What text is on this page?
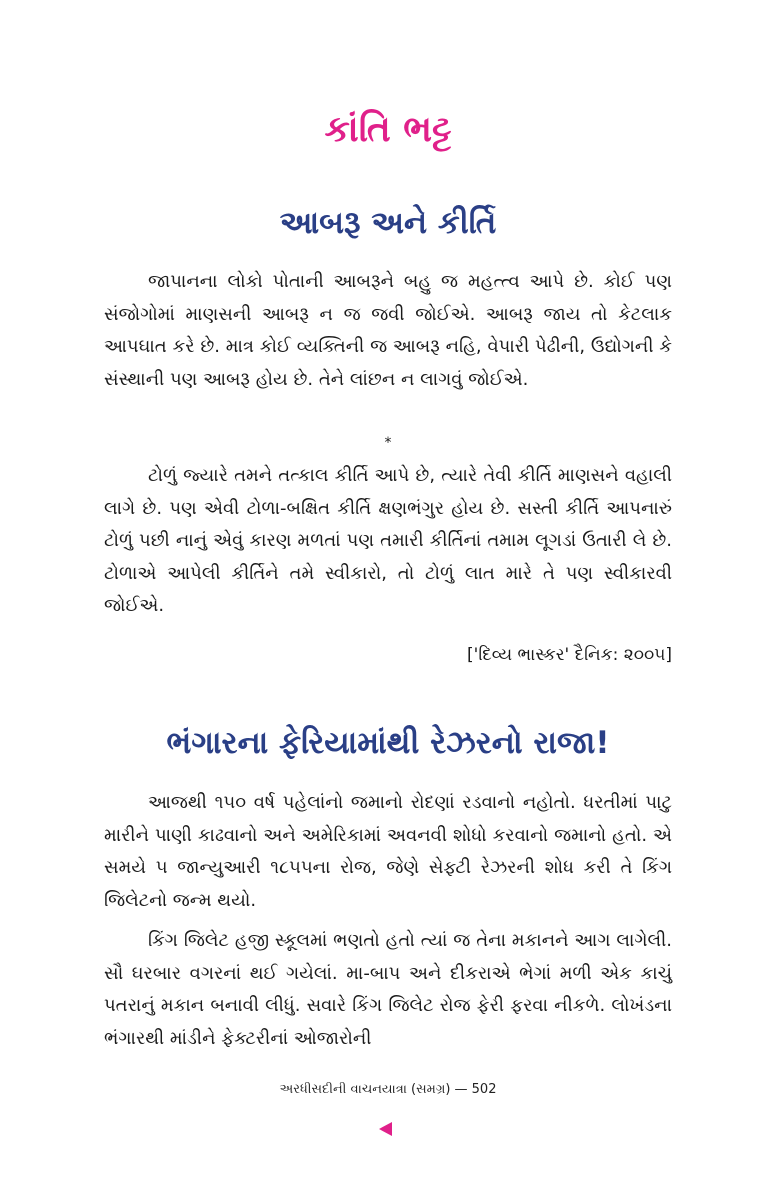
કાંતિ ભટ્ટ
આબરૂ અને કીર્તિ

જાપાનના લોકો પોતાની આબરૂને બહુ જ મહત્ત્વ આપે છે. કોઈ પણ સંજોગોમાં માણસની આબરૂ ન જ જવી જોઈએ. આબરૂ જાય તો કેટલાક આપઘાત કરે છે. માત્ર કોઈ વ્યક્તિની જ આબરૂ નહિ, વેપારી પેઢીની, ઉદ્યોગની કે સંસ્થાની પણ આબરૂ હોય છે. તેને લાંછન ન લાગવું જોઈએ.

*

ટોળું જ્યારે તમને તત્કાલ કીર્તિ આપે છે, ત્યારે તેવી કીર્તિ માણસને વહાલી લાગે છે. પણ એવી ટોળા-બક્ષિત કીર્તિ ક્ષણભંગુર હોય છે. સસ્તી કીર્તિ આપનારું ટોળું પછી નાનું એવું કારણ મળતાં પણ તમારી કીર્તિનાં તમામ લૂગડાં ઉતારી લે છે. ટોળાએ આપેલી કીર્તિને તમે સ્વીકારો, તો ટોળું લાત મારે તે પણ સ્વીકારવી જોઈએ.

['દિવ્ય ભાસ્કર' દૈનિક: ૨૦૦૫]
ભંગારના ફેરિયામાંથી રેઝરનો રાજા!

આજથી ૧૫૦ વર્ષ પહેલાંનો જમાનો રોદણાં રડવાનો નહોતો. ધરતીમાં પાટુ મારીને પાણી કાઢવાનો અને અમેરિકામાં અવનવી શોધો કરવાનો જમાનો હતો. એ સમયે ૫ જાન્યુઆરી ૧૮૫૫ના રોજ, જેણે સેફ્ટી રેઝરની શોધ કરી તે કિંગ જિલેટનો જન્મ થયો.

કિંગ જિલેટ હજી સ્કૂલમાં ભણતો હતો ત્યાં જ તેના મકાનને આગ લાગેલી. સૌ ઘરબાર વગરનાં થઈ ગયેલાં. મા-બાપ અને દીકરાએ ભેગાં મળી એક કાચું પતરાનું મકાન બનાવી લીધું. સવારે કિંગ જિલેટ રોજ ફેરી ફરવા નીકળે. લોખંડના ભંગારથી માંડીને ફેક્ટરીનાં ઓજારોની

અરધીસદીની વાચનયાત્રા (સમગ્ર) — 502
